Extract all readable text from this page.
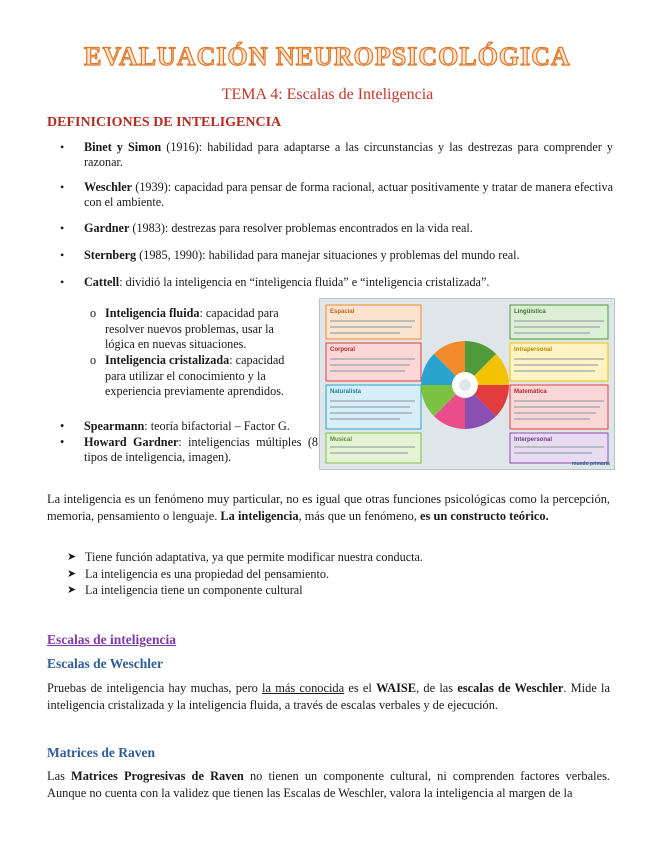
EVALUACIÓN NEUROPSICOLÓGICA
TEMA 4: Escalas de Inteligencia
DEFINICIONES DE INTELIGENCIA
• Binet y Simon (1916): habilidad para adaptarse a las circunstancias y las destrezas para comprender y razonar.
• Weschler (1939): capacidad para pensar de forma racional, actuar positivamente y tratar de manera efectiva con el ambiente.
• Gardner (1983): destrezas para resolver problemas encontrados en la vida real.
• Sternberg (1985, 1990): habilidad para manejar situaciones y problemas del mundo real.
• Cattell: dividió la inteligencia en “inteligencia fluida” e “inteligencia cristalizada”.
o Inteligencia fluida: capacidad para resolver nuevos problemas, usar la lógica en nuevas situaciones.
o Inteligencia cristalizada: capacidad para utilizar el conocimiento y la experiencia previamente aprendidos.
• Spearmann: teoría bifactorial – Factor G.
• Howard Gardner: inteligencias múltiples (8 tipos de inteligencia, imagen).
Espacial	Lingüística
Corporal	Intrapersonal
Naturalista	Matemática
Musical	Interpersonal
mundo primaria
La inteligencia es un fenómeno muy particular, no es igual que otras funciones psicológicas como la percepción, memoria, pensamiento o lenguaje. La inteligencia, más que un fenómeno, es un constructo teórico.
➤ Tiene función adaptativa, ya que permite modificar nuestra conducta.
➤ La inteligencia es una propiedad del pensamiento.
➤ La inteligencia tiene un componente cultural
Escalas de inteligencia
Escalas de Weschler
Pruebas de inteligencia hay muchas, pero la más conocida es el WAISE, de las escalas de Weschler. Mide la inteligencia cristalizada y la inteligencia fluida, a través de escalas verbales y de ejecución.
Matrices de Raven
Las Matrices Progresivas de Raven no tienen un componente cultural, ni comprenden factores verbales. Aunque no cuenta con la validez que tienen las Escalas de Weschler, valora la inteligencia al margen de la
